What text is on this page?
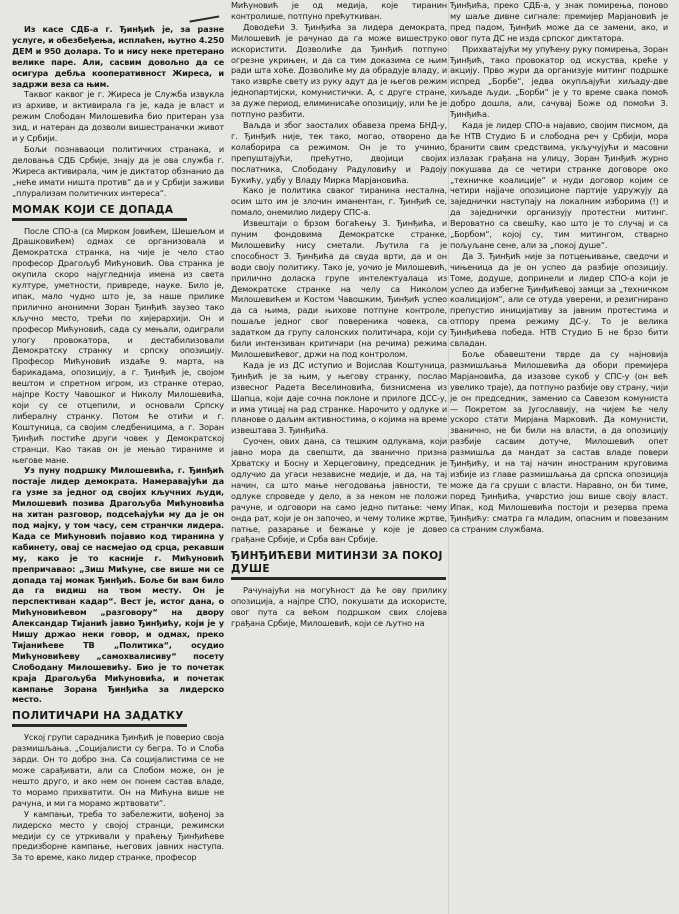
Из касе СДБ-а г. Ђинђић је, за разне услуге, и обезбеђења, исплаћен, њутно 4.250 ДЕМ и 950 долара. То и нису неке претерано велике паре. Али, сасвим довољно да се осигура дебља кооперативност Жиреса, и задржи веза са њим.

Таквог каквог је г. Жиреса је Служба извукла из архиве, и активирала га је, када је власт и режим Слободан Милошевића био притеран уза зид, и натеран да дозволи вишестраначки живот и у Србији.

Бољи познаваоци политичких странака, и деловања СДБ Србије, знају да је ова служба г. Жиреса активирала, чим је диктатор обзнанио да „неће имати ништа против“ да и у Србији заживи „плурализам политичких интереса“.

МОМАК КОЈИ СЕ ДОПАДА

После СПО-а (са Мирком Јовићем, Шешељом и Драшковићем) одмах се организовала и Демократска странка, на чије је чело стао професор Драгољуб Мићуновић. Ова странка је окупила скоро најугледнија имена из света културе, уметности, привреде, науке. Било је, ипак, мало чудно што је, за наше прилике прилично анонимни Зоран Ђинђић заузео тако кључно место, трећи по хијерархији. Он и професор Мићуновић, сада су мењали, одиграли улогу провокатора, и дестабилизовали Демократску странку и српску опозицију. Професор Мићуновић издаће 9. марта, на барикадама, опозицију, а г. Ђинђић је, својом вештом и спретном игром, из странке отерао, најпре Косту Чавошког и Николу Милошевића, који су се отцепили, и основали Српску либералну странку. Потом ће отићи и г. Коштуница, са својим следбеницима, а г. Зоран Ђинђић постиће други човек у Демократској странци. Као такав он је мењао тираниме и његове мане.

Уз пуну подршку Милошевића, г. Ђинђић постаје лидер демократа. Намеравајући да га узме за једног од својих кључних људи, Милошевић позива Драгољуба Мићуновића на хитан разговор, подсећајући му да је он под мајку, у том часу, сем странчки лидера. Када се Мићуновић појавио код тиранина у кабинету, овај се насмејао од срца, рекавши му, како је то касније г. Мићуновић препричавао: „Зиш Мићуне, све више ми се допада тај момак Ђинђић. Боље би вам било да га видиш на твом месту. Он је перспективан кадар“. Вест је, истог дана, о Мићуновићевом „разговору“ на двору Александар Тијанић јавио Ђинђићу, који је у Нишу држао неки говор, и одмах, преко Тијанићеве ТВ „Политика“, осудио Мићуновићеву „самохвалисиву“ посету Слободану Милошевићу. Био је то почетак краја Драгољуба Мићуновића, и почетак кампање Зорана Ђинђића за лидерско место.

ПОЛИТИЧАРИ НА ЗАДАТКУ

Уској групи сарадника Ђинђић је поверио своја размишљања. „Социјалисти су бегра. То и Слоба зарди. Он то добро зна. Са социјалистима се не може сарађивати, али са Слобом може, он је нешто друго, и ако нем он понем састав владе, то морамо прихватити. Он на Мићуна више не рачуна, и ми га морамо жртвовати“.

У кампањи, треба то забележити, вођеној за лидерско место у својој странци, режимски медији су се утркивали у праћењу Ђинђићеве предизборне кампање, његових јавних наступа. За то време, како лидер странке, професор

Мићуновић је од медија, које тиранин контролише, потпуно прећуткиван.

Доводећи З. Ђинђића за лидера демократа, Милошевић је рачунао да га може вишеструко искористити. Дозволиће да Ђинђић потпуно огрезне укрињен, и да са тим доказима се њим ради шта хоће. Дозволиће му да обрадује владу, и тако изврће свету из руку адут да је његов режим једнопартијски, комунистички. А, с друге стране, за дуже период, елиминисаће опозицију, или ће је потпуно разбити.

Ваљда и због заосталих обавеза према БНД-у, г. Ђинђић није, тек тако, могао, отворено да колаборира са режимом. Он је то учинио, препуштајући, прећутно, двојици својих послатника, Слободану Радуловићу и Радоју Букићу, удбу у Владу Мирка Марјановића.

Како је политика сваког тиранина нестална, осим што им је злочин иманентан, г. Ђинђић се, помало, онемилио лидеру СПС-а.

Извештаји о брзом богаћењу З. Ђинђића, и пуним фондовима Демократске странке, Милошевићу нису сметали. Љутила га је способност З. Ђинђића да свуда врти, да и он води своју политику. Тако је, уочио је Милошевић, прилично доласка групе интелектуалаца из Демократске странке на челу са Николом Милошевићем и Костом Чавошким, Ђинђић успео да са њима, ради њихове потпуне контроле, пошаље једног свог повереника човека, са задатком да групу салонских политичара, који су били интензиван критичари (на речима) режима Милошевићевог, држи на под контролом.

Када је из ДС иступио и Војислав Коштуница, Ђинђић је за њим, у његову странку, послао извесног Радета Веселиновића, бизнисмена из Шапца, који даје сочна поклоне и прилоге ДСС-у, и има утицај на рад странке. Нарочито у одлуке и планове о даљим активностима, о којима на време извештава З. Ђинђића.

Суочен, ових дана, са тешким одлукама, који јавно мора да свепшти, да званично призна Хрватску и Босну и Херцеговину, председник је одлучио да угаси независне медије, и да, на тај начин, са што мање негодовања јавности, те одлуке спроведе у дело, а за неком не положи рачуне, и одговори на само једно питање: чему онда рат, који је он започео, и чему толике жртве, патње, разарање и бежање у које је довео грађане Србије, и Срба ван Србије.

ЂИНЂИЋЕВИ МИТИНЗИ ЗА ПОКОЈ ДУШЕ

Рачунајући на могућност да ће ову прилику опозиција, а најпре СПО, покушати да искористе, овог пута са већом подршком свих слојева грађана Србије, Милошевић, који се љутно на

Ђинђића, преко СДБ-а, у знак помирења, поново му шаље дивне сигнале: премијер Марјановић је пред падом, Ђинђић може да се замени, ако, и овог пута ДС не изда српског диктатора.

Прихватајући му упућену руку помирења, Зоран Ђинђић, тако провокатор од искуства, креће у акцију. Прво жури да организује митинг подршке испред „Борбе“, једва окупљајући хиљаду-две хиљаде људи. „Борби“ је у то време свака помоћ добро дошла, али, сачувај Боже од помоћи З. Ђинђића.

Када је лидер СПО-а најавио, својим писмом, да ће НТВ Студио Б и слободна реч у Србији, мора бранити свим средствима, укључујући и масовни излазак грађана на улицу, Зоран Ђинђић журно покушава да се четири странке договоре око „техничке коалиције“ и нуди договор којим се четири најјаче опозиционе партије удружују да заједнички наступају на локалним изборима (!) и да заједнички организују протестни митинг. Вероватно са свешћу, као што је то случај и са „Борбом“, којој су, тим митингом, стварно пољуљане сене, али за „покој душе“.

Да З. Ђинђић није за потцењивање, сведочи и чињеница да је он успео да разбије опозицију. Томе, додуше, допринели и лидер СПО-а који је успео да избегне Ђинђићевој замци за „техничком коалицијом“, али се отуда уверени, и резигнирано препустио иницијативу за јавним протестима и отпору према режиму ДС-у. То је велика Ђинђићева победа. НТВ Студио Б не брзо бити свладан.

Боље обавештени тврде да су најновија размишљања Милошевића да обори премијера Марјановића, да изазове сукоб у СПС-у (он већ увелико траје), да потпуно разбије ову страну, чији је он председник, заменио са Савезом комуниста — Покретом за Југославију, на чијем ће челу ускоро стати Мирјана Марковић. Да комунисти, званично, не би били на власти, а да опозицију разбије сасвим дотуче, Милошевић опет размишља да мандат за састав владе повери Ђинђићу, и на тај начин иностраним круговима избије из главе размишљања да српска опозиција може да га сруши с власти. Наравно, он би тиме, поред Ђинђића, учврстио још више своју власт. Ипак, код Милошевића постоји и резерва према Ђинђићу: сматра га младим, опасним и повезаним са страним службама.
